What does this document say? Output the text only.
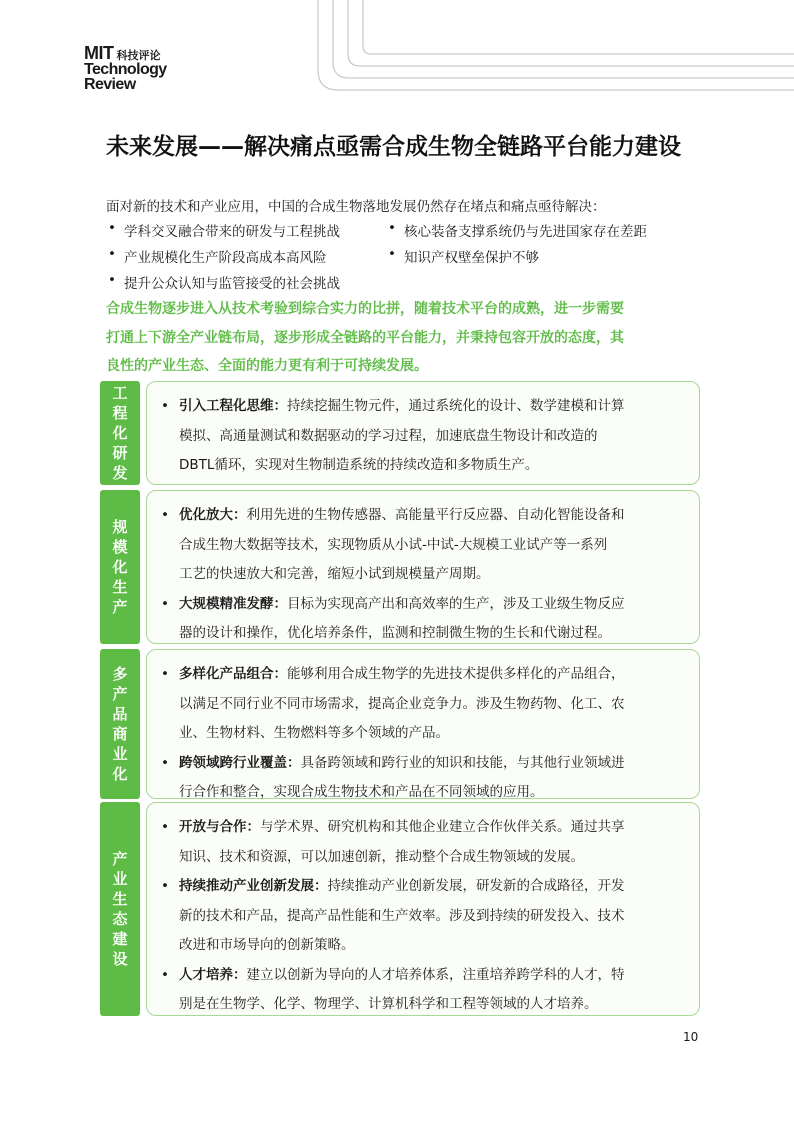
MIT 科技评论
Technology
Review
未来发展——解决痛点亟需合成生物全链路平台能力建设

面对新的技术和产业应用，中国的合成生物落地发展仍然存在堵点和痛点亟待解决：

• 学科交叉融合带来的研发与工程挑战	• 核心装备支撑系统仍与先进国家存在差距
• 产业规模化生产阶段高成本高风险	• 知识产权壁垒保护不够
• 提升公众认知与监管接受的社会挑战

合成生物逐步进入从技术考验到综合实力的比拼，随着技术平台的成熟，进一步需要

打通上下游全产业链布局，逐步形成全链路的平台能力，并秉持包容开放的态度，其

良性的产业生态、全面的能力更有利于可持续发展。

工
程
化
研
发
• 引入工程化思维：持续挖掘生物元件，通过系统化的设计、数学建模和计算
模拟、高通量测试和数据驱动的学习过程，加速底盘生物设计和改造的
DBTL循环，实现对生物制造系统的持续改造和多物质生产。
规
模
化
生
产
• 优化放大：利用先进的生物传感器、高能量平行反应器、自动化智能设备和
合成生物大数据等技术，实现物质从小试-中试-大规模工业试产等一系列
工艺的快速放大和完善，缩短小试到规模量产周期。
• 大规模精准发酵：目标为实现高产出和高效率的生产，涉及工业级生物反应
器的设计和操作，优化培养条件，监测和控制微生物的生长和代谢过程。
多
产
品
商
业
化
• 多样化产品组合：能够利用合成生物学的先进技术提供多样化的产品组合，
以满足不同行业不同市场需求，提高企业竞争力。涉及生物药物、化工、农
业、生物材料、生物燃料等多个领域的产品。
• 跨领域跨行业覆盖：具备跨领域和跨行业的知识和技能，与其他行业领域进
行合作和整合，实现合成生物技术和产品在不同领域的应用。
产
业
生
态
建
设
• 开放与合作：与学术界、研究机构和其他企业建立合作伙伴关系。通过共享
知识、技术和资源，可以加速创新，推动整个合成生物领域的发展。
• 持续推动产业创新发展：持续推动产业创新发展，研发新的合成路径，开发
新的技术和产品，提高产品性能和生产效率。涉及到持续的研发投入、技术
改进和市场导向的创新策略。
• 人才培养：建立以创新为导向的人才培养体系，注重培养跨学科的人才，特
别是在生物学、化学、物理学、计算机科学和工程等领域的人才培养。
10
